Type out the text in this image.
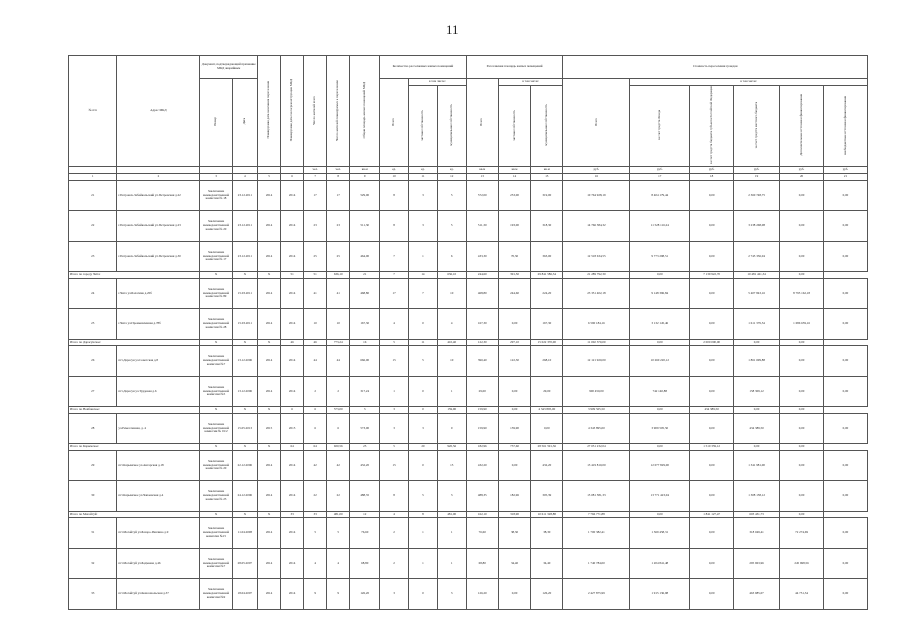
11
№ п/п	Адрес МКД	Документ, подтверждающий признание МКД аварийным		Планируемая дата окончания переселения	Планируемая дата сноса/реконструкции МКД	Число жителей всего	Число жителей планируемых к переселению	Общая площадь жилых помещений МКД	Количество расселяемых жилых помещений			Расселяемая площадь жилых помещений			Стоимость переселения граждан					
		Номер	Дата						Всего	в том числе:		Всего	в том числе:		Всего	в том числе:				
										частная собственность	муниципальная собственность		частная собственность	муниципальная собственность		за счет средств Фонда	за счет средств бюджета субъекта Российской Федерации	за счет средств местного бюджета	Дополнительные источники финансирования	внебюджетные источники финансирования
						чел.	чел.	кв.м	ед.	ед.	ед.	кв.м	кв.м	кв.м	руб.	руб.	руб.	руб.	руб.	руб.
1	2	3	4	5	6	7	8	9	10	11	12	13	14	15	16	17	18	19	20	21
21	г.Петровск-Забайкальский ул.Петровская д.22	Заключение межведомственной комиссии № 18	23.12.2011	2014	2014	17	17	529,00	8	3	5	572,00	253,00	319,00	10 764 928,19	8 404 179,44	0,00	2 360 748,75	0,00	0,00
22	г.Петровск-Забайкальский ул.Петровская д.23	Заключение межведомственной комиссии № 20	23.12.2011	2014	2014	23	23	511,30	8	3	5	511,30	193,00	318,30	14 766 384,32	11 528 116,24	0,00	3 238 268,08	0,00	0,00
23	г.Петровск-Забайкальский ул.Петровская д.30	Заключение межведомственной комиссии № 17	23.12.2011	2014	2014	25	25	464,00	7	1	6	433,30	70,30	363,00	12 518 634,55	9 773 298,51	0,00	2 745 336,04	0,00	0,00
Итого по городу Чита:		X	X	X	51	51	636,10	21	7	14	636,10	244,60	391,50	29 841 586,34	21 289 792,30	0,00	7 139 922,70	10 481 421,34	0,00	
24	г.Чита ул.Балагина д.20б	Заключение межведомственной комиссии № 89	15.03.2011	2014	2014	41	41	468,80	17	7	10	468,80	244,60	224,20	23 351 402,18	9 148 396,84	0,00	5 407 843,16	8 795 162,18	0,00
25	г.Чита ул.Промышленная д.78б	Заключение межведомственной комиссии № 28	15.03.2011	2014	2014	10	10	167,30	4	0	4	167,30	0,00	167,30	6 590 184,16	3 132 145,46	0,00	1 611 379,54	1 686 659,16	0,00
Итого по Дарасунское:		X	X	X	46	46	773,24	16	5	11	410,40	122,30	297,10	15 022 370,00	11 002 370,00	0,00	2 000 000,00	0,00	0,00	
26	пгт.Дарасун ул.Советская д.8	Заключение межведомственной комиссии №7	13.12.2006	2014	2014	44	44	666,00	15	5	10	390,40	122,30	268,10	12 121 920,00	10 260 220,12	0,00	1 861 699,88	0,00	0,00
27	пгт.Дарасун ул.Трудовая д.6	Заключение межведомственной комиссии №5	13.12.2006	2014	2014	2	2	317,24	1	0	1	29,00	0,00	29,00	900 450,00	742 140,88	0,00	158 309,12	0,00	0,00
Итого по Новбанское:		X	X	X	6	6	573,00	3	3	0	159,90	159,90	0,00	4 343 895,00	3 909 505,50	0,00	434 389,50	0,00	0,00	
28	ул.Ремесленная, д. 4	Заключение межведомственной комиссии № 01/2	15.05.2013	2015	2015	6	6	573,00	3	3	0	159,90	159,90	0,00	4 343 895,00	3 909 505,50	0,00	434 389,50	0,00	0,00
Итого по Карымское:		X	X	X	64	64	920,56	25	5	20	920,56	182,96	737,60	28 561 591,36	27 051 232,04	0,00	1 510 359,12	0,00	0,00	
29	пгт.Карымское ул.Ангарская д.18	Заключение межведомственной комиссии № 20	22.12.2006	2014	2014	42	42	432,20	15	0	15	432,20	0,00	432,20	13 419 810,00	12 077 829,00	0,00	1 341 981,00	0,00	0,00
30	пгт.Карымское ул.Чапаевская д.4	Заключение межведомственной комиссии № 23	24.12.2006	2014	2014	22	22	488,35	8	5	3	488,35	182,96	305,39	15 081 581,33	13 771 423,04	0,00	1 308 158,12	0,00	0,00
Итого по Могойтуй:		X	X	X	33	33	481,00	12	4	8	481,00	162,10	318,90	10 611 328,88	7 766 771,88	0,00	1 841 127,47	603 431,73	0,00	
31	пгт.Могойтуй ул.Базаро-Ринчино д.9	Заключение межведомственной комиссии №15	11.04.2008	2014	2014	5	5	76,60	2	1	1	76,60	38,30	38,30	1 700 382,41	1 369 458,31	0,00	318 049,41	72 274,69	0,00
32	пгт.Могойтуй ул.Бадмаева д.46	Заключение межведомственной комиссии №7	28.05.2007	2014	2014	4	4	68,80	2	1	1	68,80	34,40	34,40	1 740 784,00	1 204 841,48	0,00	295 963,96	245 698,56	0,00
33	пгт.Могойтуй ул.Комсомольская д.37	Заключение межведомственной комиссии №9	18.04.2007	2014	2014	9	9	126,20	3	0	3	126,20	0,00	126,20	2 427 875,99	1 915 136,98	0,00	463 985,07	44 751,34	0,00
